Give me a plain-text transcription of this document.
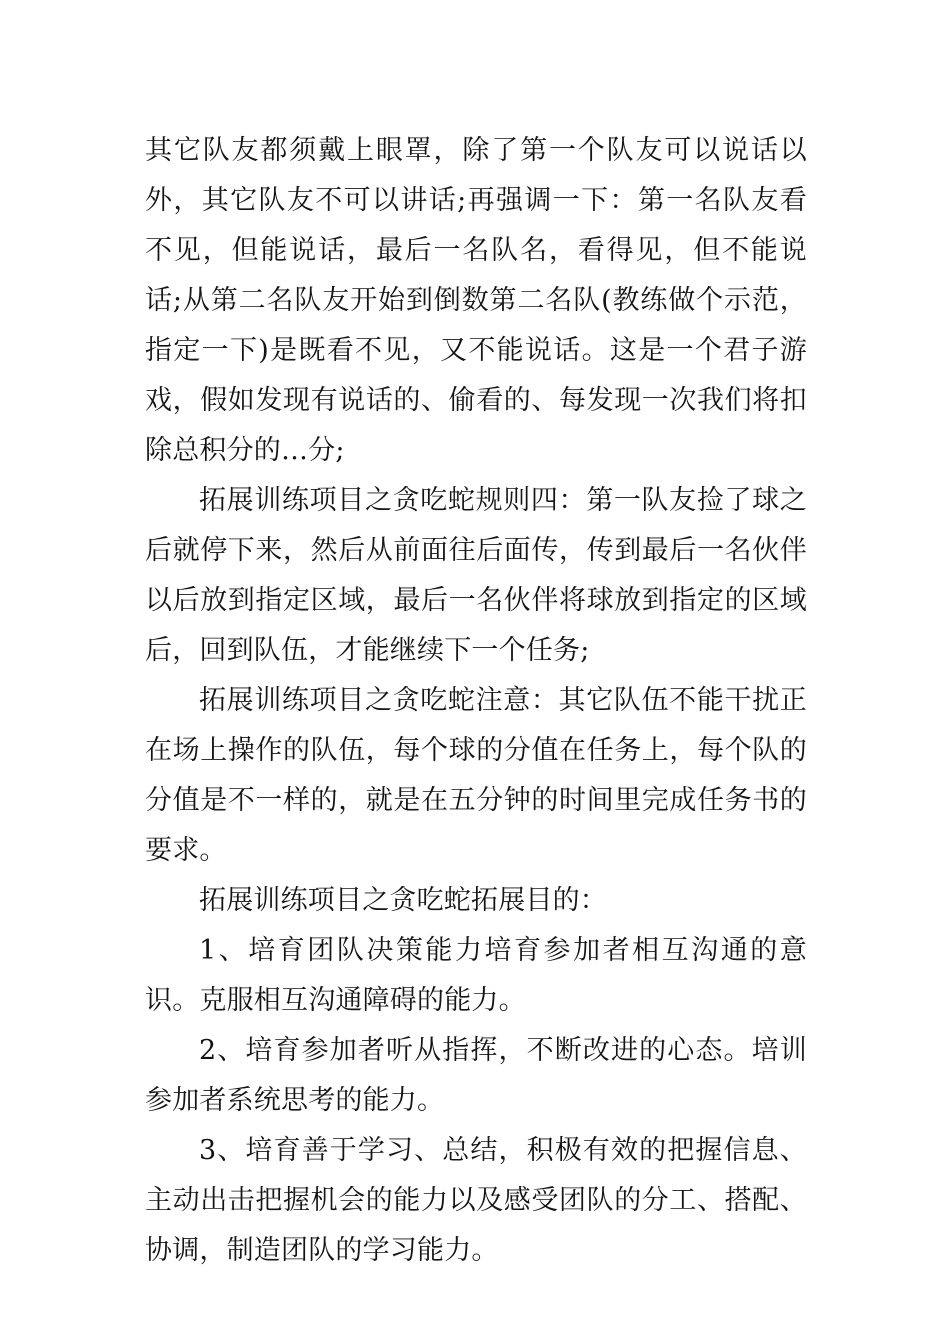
其它队友都须戴上眼罩，除了第一个队友可以说话以外，其它队友不可以讲话;再强调一下：第一名队友看不见，但能说话，最后一名队名，看得见，但不能说话;从第二名队友开始到倒数第二名队(教练做个示范，指定一下)是既看不见，又不能说话。这是一个君子游戏，假如发现有说话的、偷看的、每发现一次我们将扣除总积分的…分;

拓展训练项目之贪吃蛇规则四：第一队友捡了球之后就停下来，然后从前面往后面传，传到最后一名伙伴以后放到指定区域，最后一名伙伴将球放到指定的区域后，回到队伍，才能继续下一个任务;

拓展训练项目之贪吃蛇注意：其它队伍不能干扰正在场上操作的队伍，每个球的分值在任务上，每个队的分值是不一样的，就是在五分钟的时间里完成任务书的要求。

拓展训练项目之贪吃蛇拓展目的：

1、培育团队决策能力培育参加者相互沟通的意识。克服相互沟通障碍的能力。

2、培育参加者听从指挥，不断改进的心态。培训参加者系统思考的能力。

3、培育善于学习、总结，积极有效的把握信息、主动出击把握机会的能力以及感受团队的分工、搭配、协调，制造团队的学习能力。
